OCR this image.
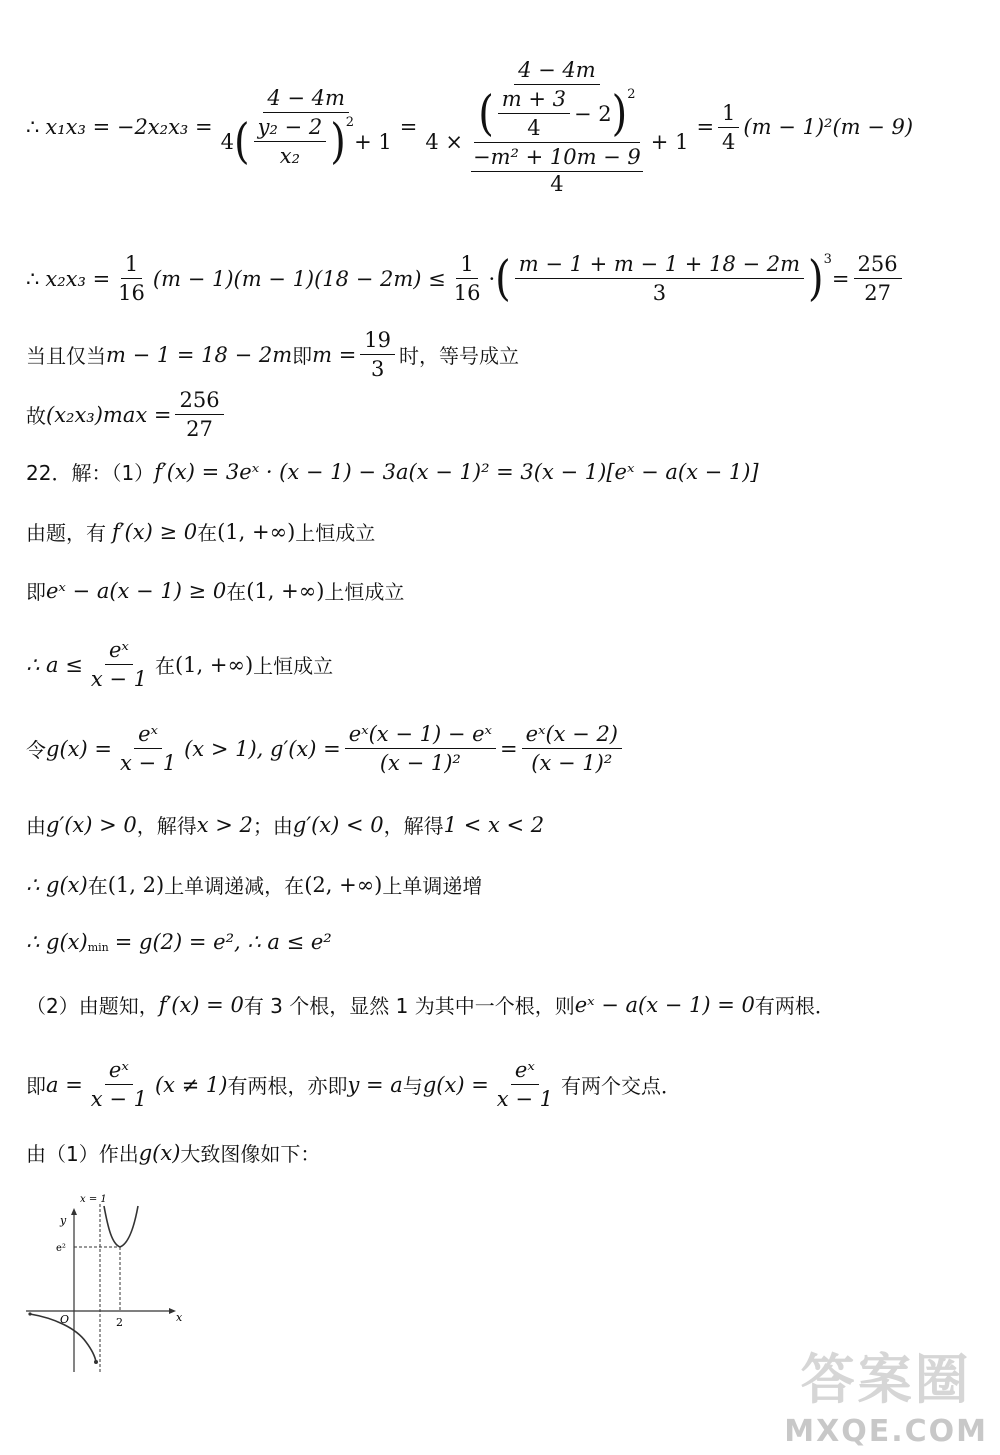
∴ x₁x₃ = −2x₂x₃ =
4 − 4m
4 ( $\frac{\text{y₂ − 2}}{\text{x₂}} )^2$
+ 1
=
4 − 4m
4 ×
( $\frac{m + 3}{4} - 2$ )$^2$
−m² + 10m − 9
4
+ 1
= $\frac{1}{4} (m - 1)^2(m - 9)$
∴ $x_2x_3 = \frac{1}{16} (m - 1)(m - 1)(18 - 2m) \le \frac{1}{16}$ · ( $\frac{m - 1 + m - 1 + 18 - 2m}{3} )^3$
= $\frac{256}{27}$
当且仅当 m − 1 = 18 − 2m 即 $m = \frac{19}{3}$ 时，等号成立
故 $(x_2x_3)\max = \frac{256}{27}$
22．解：（1） f′(x) = 3eˣ · (x − 1) − 3a(x − 1)² = 3(x − 1)[eˣ − a(x − 1)]
由题，有 f′(x) ≥ 0 在 (1, +∞) 上恒成立
即 eˣ − a(x − 1) ≥ 0 在 (1, +∞) 上恒成立
∴ $a \le \frac{\text{eˣ}}{x - 1}$ 在 (1, +∞) 上恒成立
令 $g(x) = \frac{\text{eˣ}}{x - 1} (x > 1)$, $g'(x) = \frac{\text{eˣ(x − 1) − eˣ}}{\text{(x − 1)²}} = \frac{\text{eˣ(x − 2)}}{\text{(x − 1)²}}$
由 g′(x) > 0 ，解得 x > 2 ；由 g′(x) < 0 ，解得 1 < x < 2
∴ g(x) 在 (1, 2) 上单调递减，在 (2, +∞) 上单调递增
∴ $g(x)_{min} = g(2) = e^2$, ∴ a ≤ e²
（2）由题知， f′(x) = 0 有 3 个根，显然 1 为其中一个根，则 eˣ − a(x − 1) = 0 有两根．
即 $a = \frac{\text{eˣ}}{x - 1} (x \ne 1)$ 有两根，亦即 y = a 与 $g(x) = \frac{\text{eˣ}}{x - 1}$ 有两个交点．
由（1）作出 g(x) 大致图像如下：
x = 1
y
e²
O	2	x
答案圈
MXQE.COM
